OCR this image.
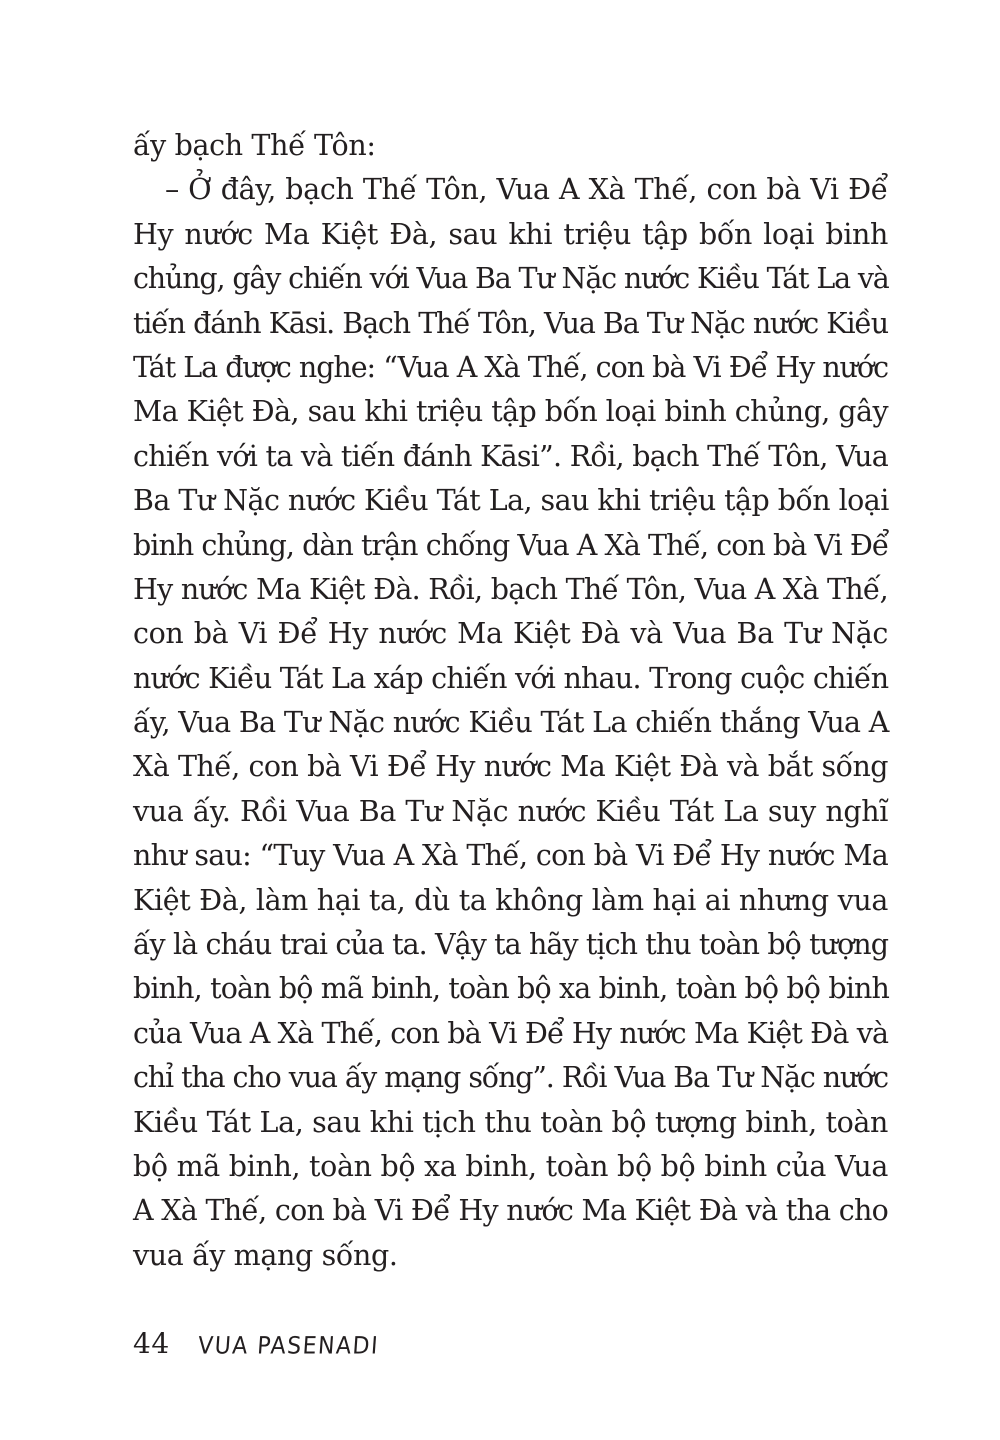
ấy bạch Thế Tôn:
– Ở đây, bạch Thế Tôn, Vua A Xà Thế, con bà Vi Để
Hy nước Ma Kiệt Đà, sau khi triệu tập bốn loại binh
chủng, gây chiến với Vua Ba Tư Nặc nước Kiều Tát La và
tiến đánh Kāsi. Bạch Thế Tôn, Vua Ba Tư Nặc nước Kiều
Tát La được nghe: “Vua A Xà Thế, con bà Vi Để Hy nước
Ma Kiệt Đà, sau khi triệu tập bốn loại binh chủng, gây
chiến với ta và tiến đánh Kāsi”. Rồi, bạch Thế Tôn, Vua
Ba Tư Nặc nước Kiều Tát La, sau khi triệu tập bốn loại
binh chủng, dàn trận chống Vua A Xà Thế, con bà Vi Để
Hy nước Ma Kiệt Đà. Rồi, bạch Thế Tôn, Vua A Xà Thế,
con bà Vi Để Hy nước Ma Kiệt Đà và Vua Ba Tư Nặc
nước Kiều Tát La xáp chiến với nhau. Trong cuộc chiến
ấy, Vua Ba Tư Nặc nước Kiều Tát La chiến thắng Vua A
Xà Thế, con bà Vi Để Hy nước Ma Kiệt Đà và bắt sống
vua ấy. Rồi Vua Ba Tư Nặc nước Kiều Tát La suy nghĩ
như sau: “Tuy Vua A Xà Thế, con bà Vi Để Hy nước Ma
Kiệt Đà, làm hại ta, dù ta không làm hại ai nhưng vua
ấy là cháu trai của ta. Vậy ta hãy tịch thu toàn bộ tượng
binh, toàn bộ mã binh, toàn bộ xa binh, toàn bộ bộ binh
của Vua A Xà Thế, con bà Vi Để Hy nước Ma Kiệt Đà và
chỉ tha cho vua ấy mạng sống”. Rồi Vua Ba Tư Nặc nước
Kiều Tát La, sau khi tịch thu toàn bộ tượng binh, toàn
bộ mã binh, toàn bộ xa binh, toàn bộ bộ binh của Vua
A Xà Thế, con bà Vi Để Hy nước Ma Kiệt Đà và tha cho
vua ấy mạng sống.
44 VUA PASENADI
